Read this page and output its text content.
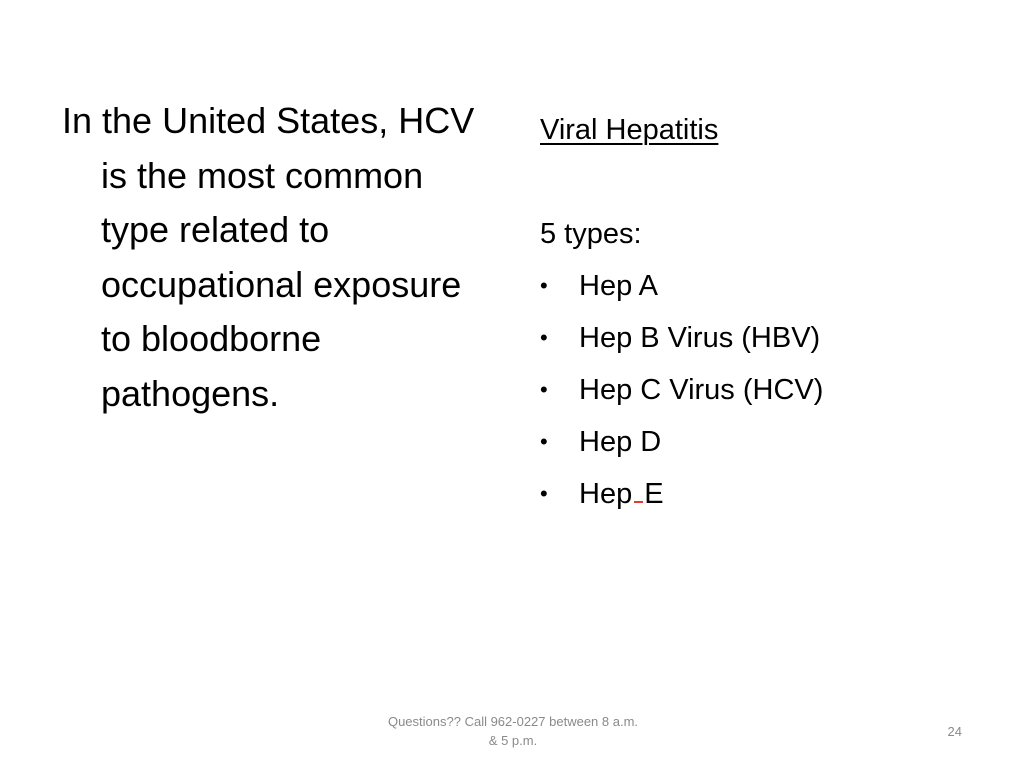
In the United States, HCV is the most common type related to occupational exposure to bloodborne pathogens.

Viral Hepatitis

5 types:

• Hep A
• Hep B Virus (HBV)
• Hep C Virus (HCV)
• Hep D
• Hep E
Questions?? Call 962-0227 between 8 a.m.
& 5 p.m.
24
